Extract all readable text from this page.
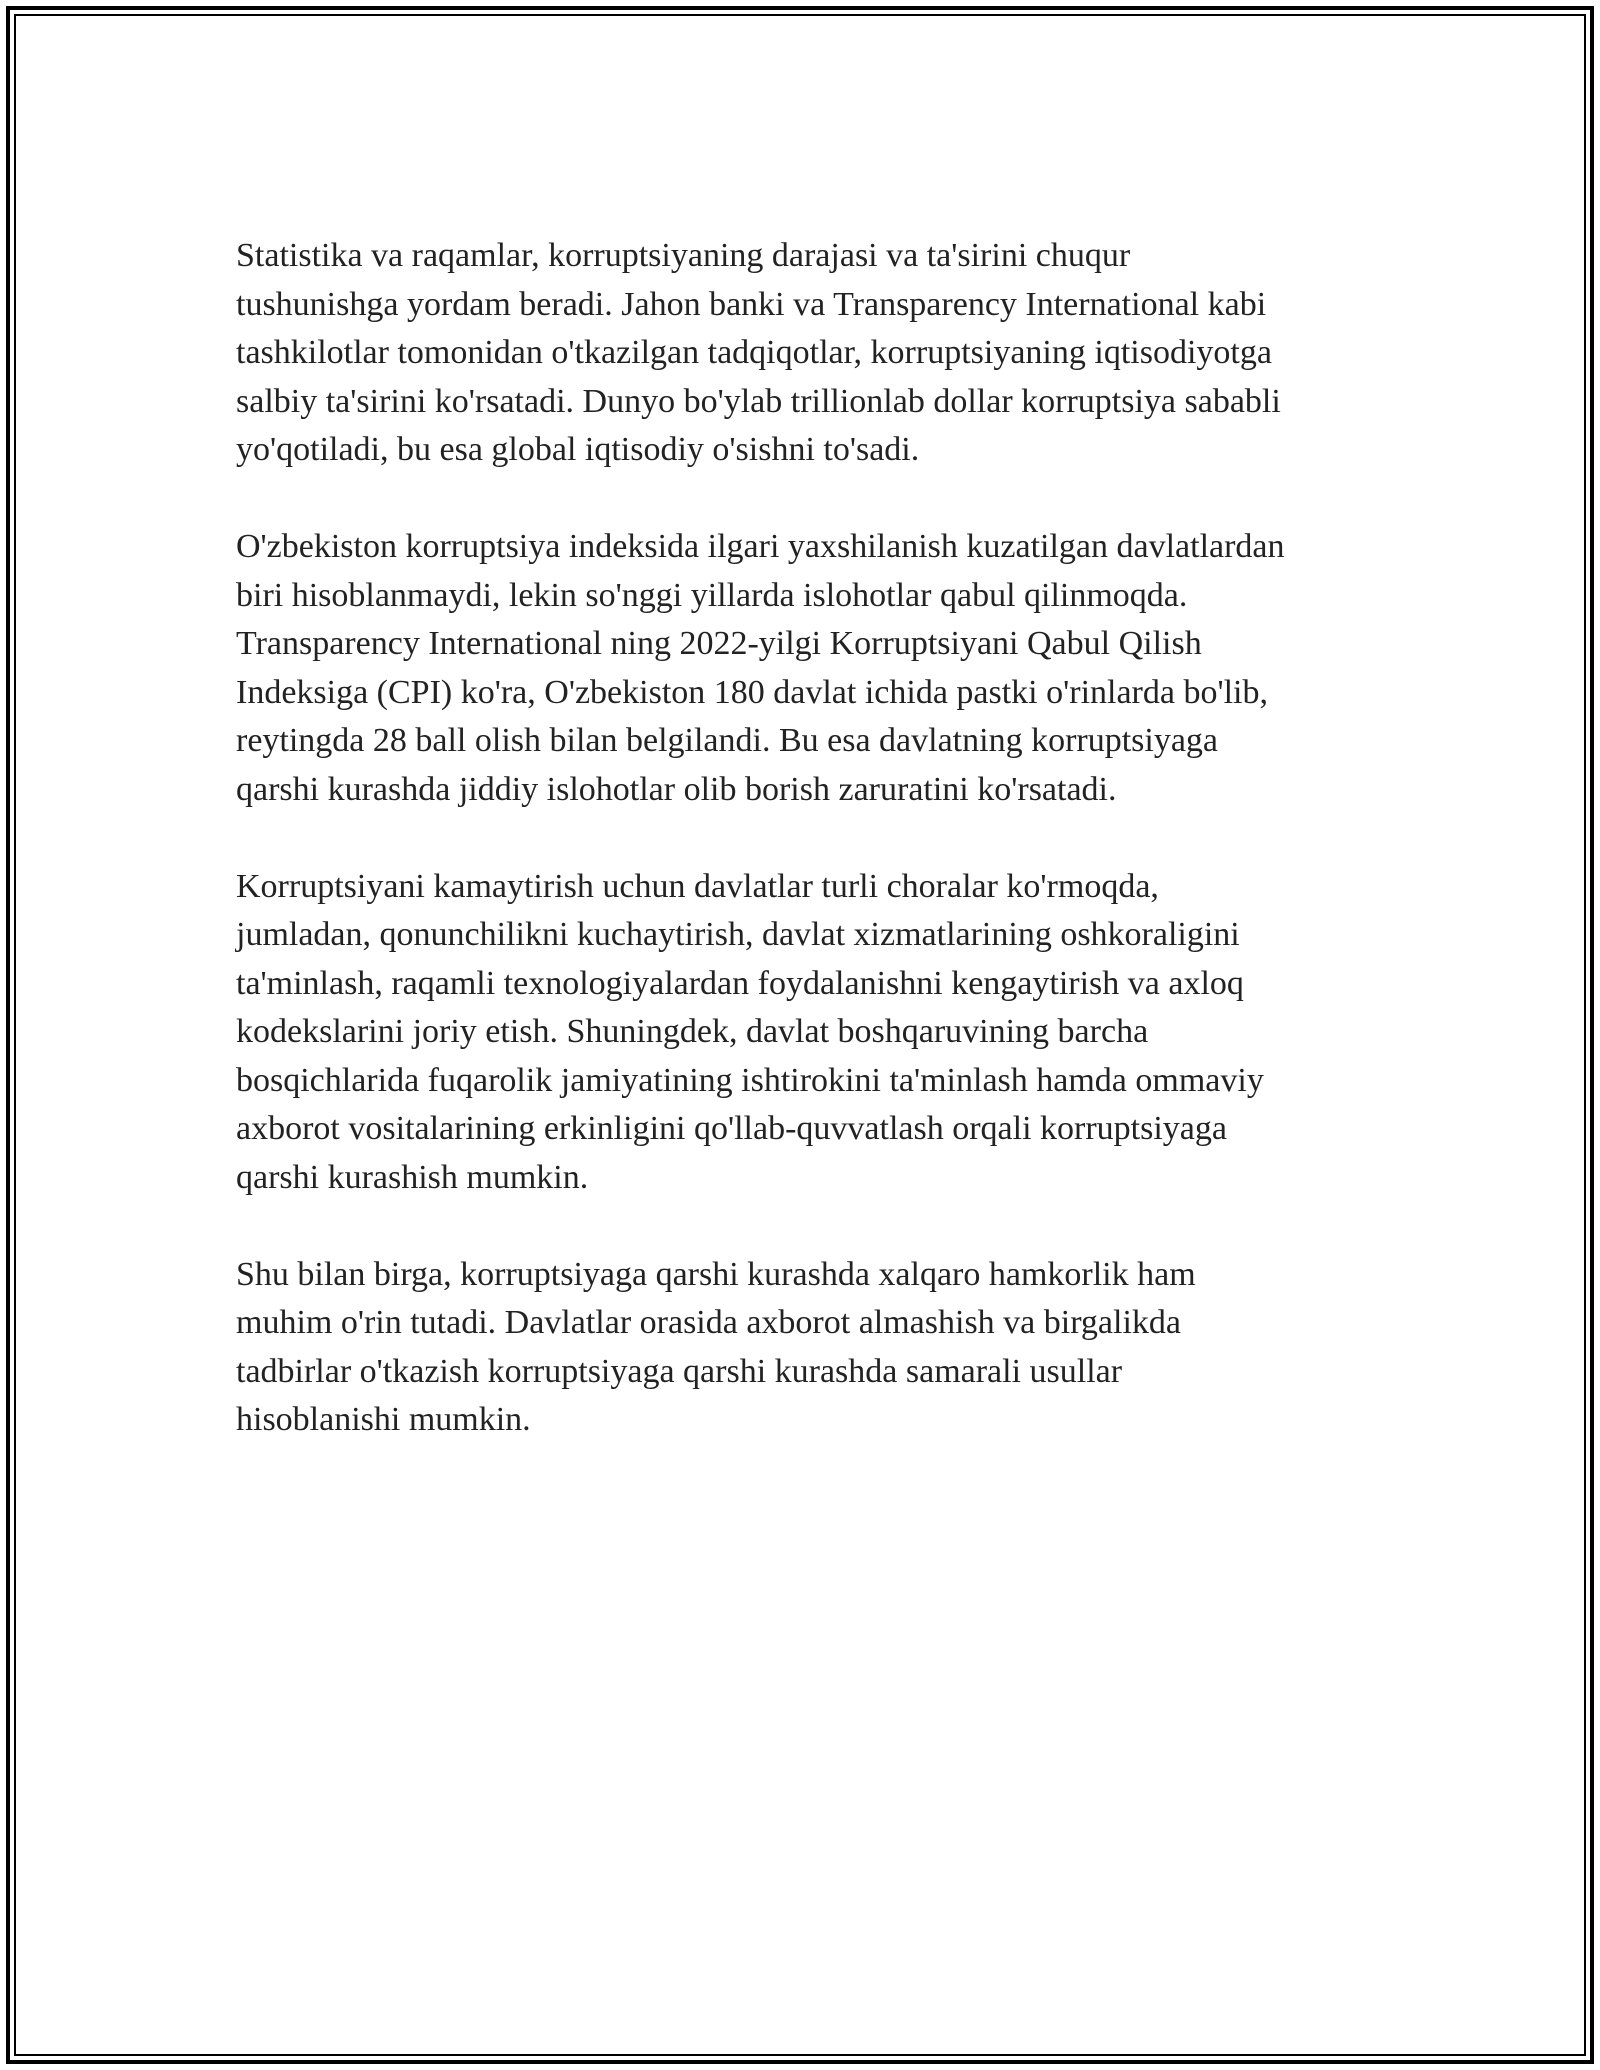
Statistika va raqamlar, korruptsiyaning darajasi va ta'sirini chuqur
tushunishga yordam beradi. Jahon banki va Transparency International kabi
tashkilotlar tomonidan o'tkazilgan tadqiqotlar, korruptsiyaning iqtisodiyotga
salbiy ta'sirini ko'rsatadi. Dunyo bo'ylab trillionlab dollar korruptsiya sababli
yo'qotiladi, bu esa global iqtisodiy o'sishni to'sadi.

O'zbekiston korruptsiya indeksida ilgari yaxshilanish kuzatilgan davlatlardan
biri hisoblanmaydi, lekin so'nggi yillarda islohotlar qabul qilinmoqda.
Transparency International ning 2022-yilgi Korruptsiyani Qabul Qilish
Indeksiga (CPI) ko'ra, O'zbekiston 180 davlat ichida pastki o'rinlarda bo'lib,
reytingda 28 ball olish bilan belgilandi. Bu esa davlatning korruptsiyaga
qarshi kurashda jiddiy islohotlar olib borish zaruratini ko'rsatadi.

Korruptsiyani kamaytirish uchun davlatlar turli choralar ko'rmoqda,
jumladan, qonunchilikni kuchaytirish, davlat xizmatlarining oshkoraligini
ta'minlash, raqamli texnologiyalardan foydalanishni kengaytirish va axloq
kodekslarini joriy etish. Shuningdek, davlat boshqaruvining barcha
bosqichlarida fuqarolik jamiyatining ishtirokini ta'minlash hamda ommaviy
axborot vositalarining erkinligini qo'llab-quvvatlash orqali korruptsiyaga
qarshi kurashish mumkin.

Shu bilan birga, korruptsiyaga qarshi kurashda xalqaro hamkorlik ham
muhim o'rin tutadi. Davlatlar orasida axborot almashish va birgalikda
tadbirlar o'tkazish korruptsiyaga qarshi kurashda samarali usullar
hisoblanishi mumkin.
